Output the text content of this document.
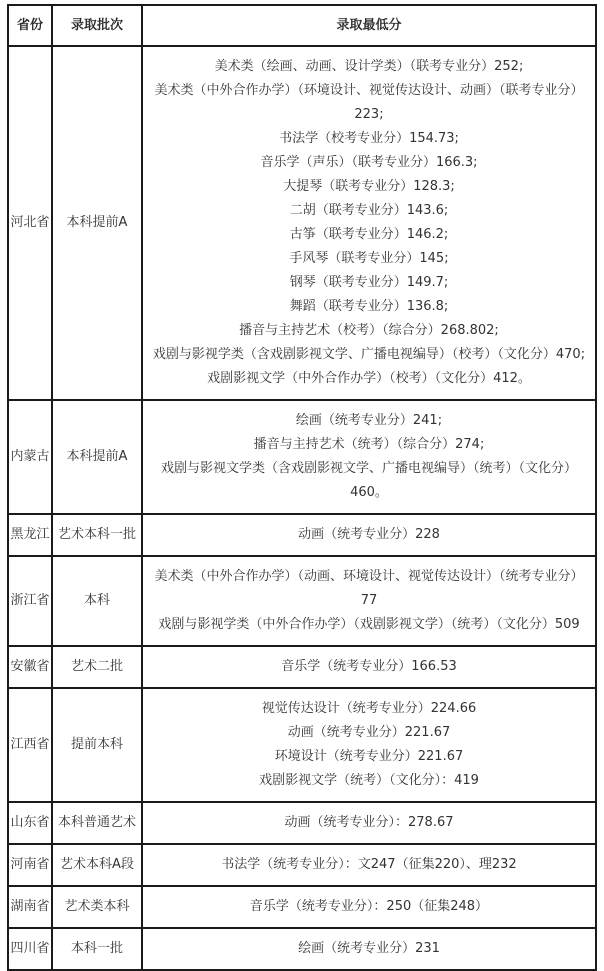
省份	录取批次	录取最低分
河北省	本科提前A	美术类（绘画、动画、设计学类）（联考专业分）252;
美术类（中外合作办学）（环境设计、视觉传达设计、动画）（联考专业分）223;
书法学（校考专业分）154.73;
音乐学（声乐）（联考专业分）166.3;
大提琴（联考专业分）128.3;
二胡（联考专业分）143.6;
古筝（联考专业分）146.2;
手风琴（联考专业分）145;
钢琴（联考专业分）149.7;
舞蹈（联考专业分）136.8;
播音与主持艺术（校考）（综合分）268.802;
戏剧与影视学类（含戏剧影视文学、广播电视编导）（校考）（文化分）470;
戏剧影视文学（中外合作办学）（校考）（文化分）412。
内蒙古	本科提前A	绘画（统考专业分）241;
播音与主持艺术（统考）（综合分）274;
戏剧与影视文学类（含戏剧影视文学、广播电视编导）（统考）（文化分）460。
黑龙江	艺术本科一批	动画（统考专业分）228
浙江省	本科	美术类（中外合作办学）（动画、环境设计、视觉传达设计）（统考专业分）77
戏剧与影视学类（中外合作办学）（戏剧影视文学）（统考）（文化分）509
安徽省	艺术二批	音乐学（统考专业分）166.53
江西省	提前本科	视觉传达设计（统考专业分）224.66
动画（统考专业分）221.67
环境设计（统考专业分）221.67
戏剧影视文学（统考）（文化分）：419
山东省	本科普通艺术	动画（统考专业分）：278.67
河南省	艺术本科A段	书法学（统考专业分）：文247（征集220）、理232
湖南省	艺术类本科	音乐学（统考专业分）：250（征集248）
四川省	本科一批	绘画（统考专业分）231
